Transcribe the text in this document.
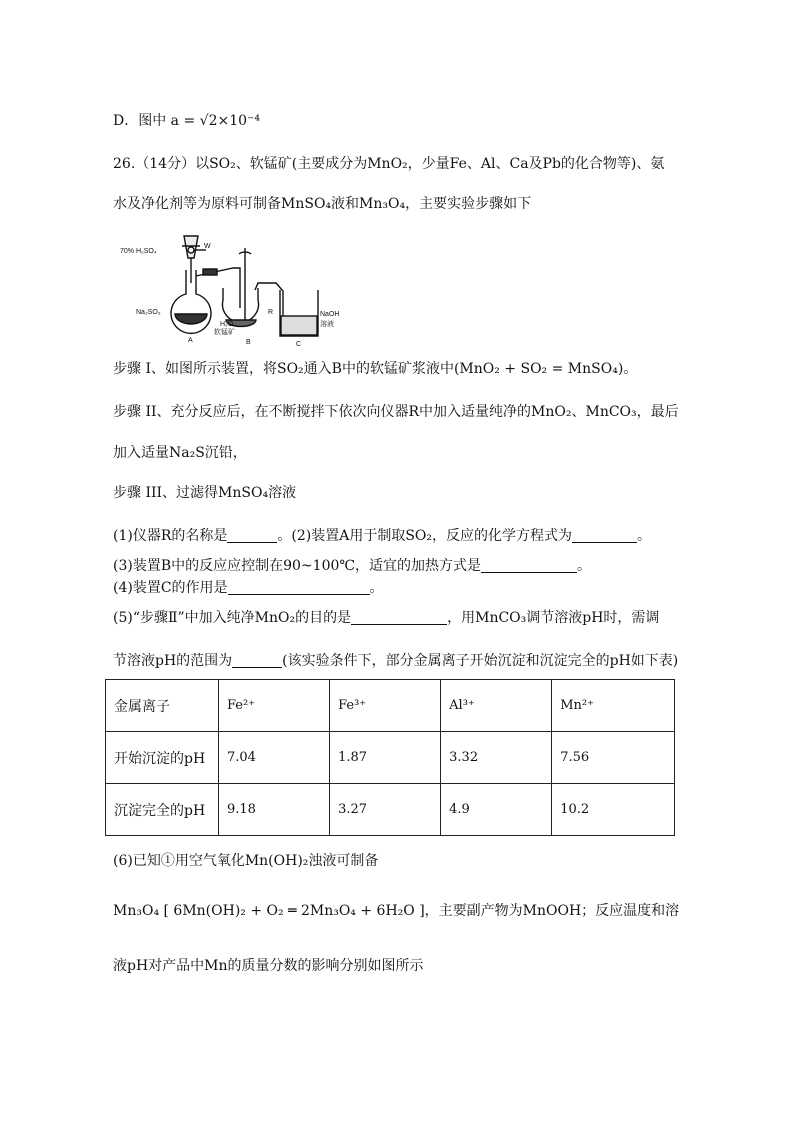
D．图中 a = √2×10⁻⁴
26.（14分）以SO₂、软锰矿(主要成分为MnO₂，少量Fe、Al、Ca及Pb的化合物等)、氨
水及净化剂等为原料可制备MnSO₄液和Mn₃O₄，主要实验步骤如下
70% H₂SO₄
W
Na₂SO₃
H₂O
软锰矿
R	NaOH
溶液
A	B	C
步骤 I、如图所示装置，将SO₂通入B中的软锰矿浆液中(MnO₂ + SO₂ = MnSO₄)。
步骤 II、充分反应后，在不断搅拌下依次向仪器R中加入适量纯净的MnO₂、MnCO₃，最后
加入适量Na₂S沉铅，
步骤 III、过滤得MnSO₄溶液
(1)仪器R的名称是	。(2)装置A用于制取SO₂，反应的化学方程式为	。
(3)装置B中的反应应控制在90~100℃，适宜的加热方式是	。
(4)装置C的作用是	。
(5)“步骤Ⅱ”中加入纯净MnO₂的目的是	，用MnCO₃调节溶液pH时，需调
节溶液pH的范围为	(该实验条件下，部分金属离子开始沉淀和沉淀完全的pH如下表)
金属离子	Fe²⁺	Fe³⁺	Al³⁺	Mn²⁺
开始沉淀的pH	7.04	1.87	3.32	7.56
沉淀完全的pH	9.18	3.27	4.9	10.2
(6)已知①用空气氧化Mn(OH)₂浊液可制备
Mn₃O₄ [ 6Mn(OH)₂ + O₂ ═ 2Mn₃O₄ + 6H₂O ]，主要副产物为MnOOH；反应温度和溶
液pH对产品中Mn的质量分数的影响分别如图所示
